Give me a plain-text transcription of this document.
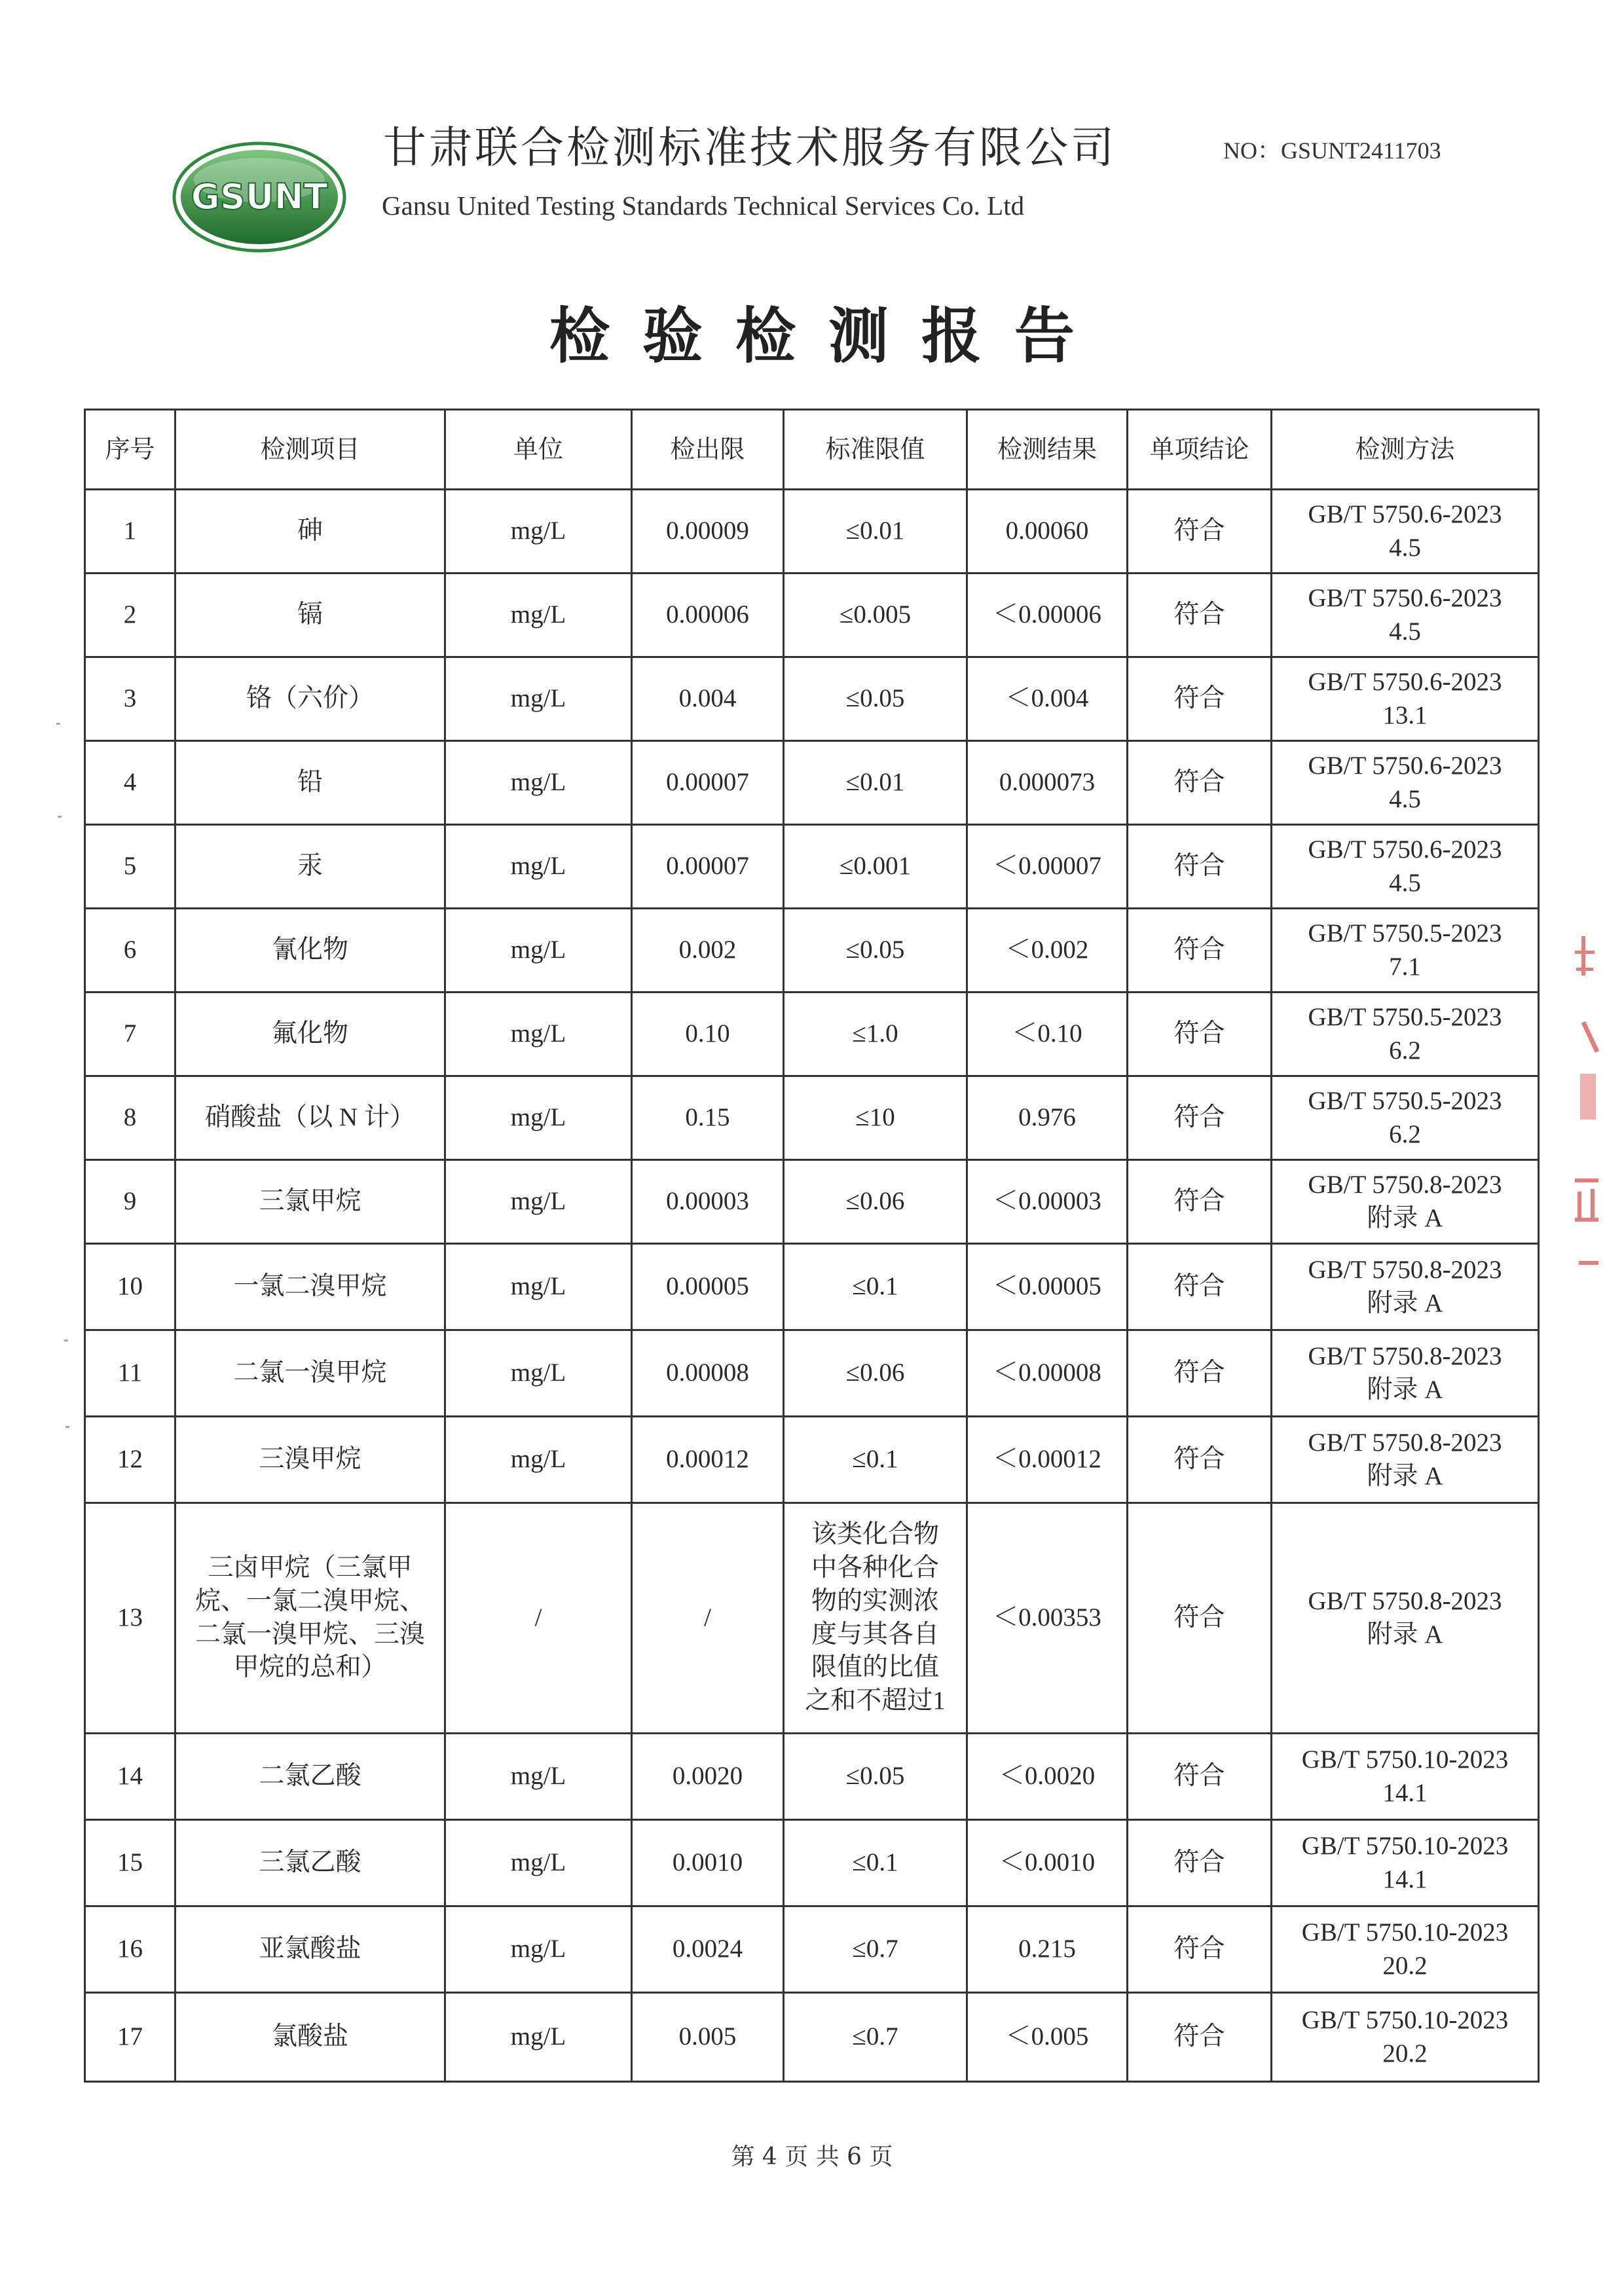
GSUNT
甘肃联合检测标准技术服务有限公司
Gansu United Testing Standards Technical Services Co. Ltd
NO：GSUNT2411703
检验检测报告
序号	检测项目	单位	检出限	标准限值	检测结果	单项结论	检测方法
1	砷	mg/L	0.00009	≤0.01	0.00060	符合	GB/T 5750.6-2023
4.5

2	镉	mg/L	0.00006	≤0.005	＜0.00006	符合	GB/T 5750.6-2023
4.5

3	铬（六价）	mg/L	0.004	≤0.05	＜0.004	符合	GB/T 5750.6-2023
13.1

4	铅	mg/L	0.00007	≤0.01	0.000073	符合	GB/T 5750.6-2023
4.5

5	汞	mg/L	0.00007	≤0.001	＜0.00007	符合	GB/T 5750.6-2023
4.5

6	氰化物	mg/L	0.002	≤0.05	＜0.002	符合	GB/T 5750.5-2023
7.1

7	氟化物	mg/L	0.10	≤1.0	＜0.10	符合	GB/T 5750.5-2023
6.2

8	硝酸盐（以 N 计）	mg/L	0.15	≤10	0.976	符合	GB/T 5750.5-2023
6.2

9	三氯甲烷	mg/L	0.00003	≤0.06	＜0.00003	符合	GB/T 5750.8-2023
附录 A

10	一氯二溴甲烷	mg/L	0.00005	≤0.1	＜0.00005	符合	GB/T 5750.8-2023
附录 A

11	二氯一溴甲烷	mg/L	0.00008	≤0.06	＜0.00008	符合	GB/T 5750.8-2023
附录 A

12	三溴甲烷	mg/L	0.00012	≤0.1	＜0.00012	符合	GB/T 5750.8-2023
附录 A

13	三卤甲烷（三氯甲烷、一氯二溴甲烷、二氯一溴甲烷、三溴甲烷的总和）	/	/	该类化合物中各种化合物的实测浓度与其各自限值的比值之和不超过1	＜0.00353	符合	GB/T 5750.8-2023
附录 A

14	二氯乙酸	mg/L	0.0020	≤0.05	＜0.0020	符合	GB/T 5750.10-2023
14.1

15	三氯乙酸	mg/L	0.0010	≤0.1	＜0.0010	符合	GB/T 5750.10-2023
14.1

16	亚氯酸盐	mg/L	0.0024	≤0.7	0.215	符合	GB/T 5750.10-2023
20.2

17	氯酸盐	mg/L	0.005	≤0.7	＜0.005	符合	GB/T 5750.10-2023
20.2
第 4 页 共 6 页
